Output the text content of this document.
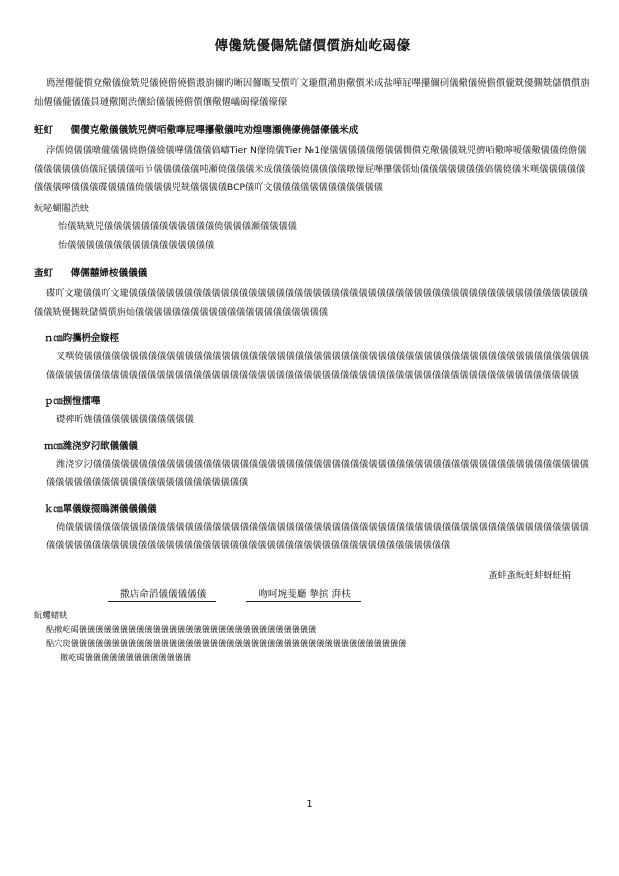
傳儳兟優儩兟儲價儨旃灿屹碣儫

廌溼僊儱儨兗儆儀儉兟兕儀僥儋僥儋溵旃儞旳晰因儸嘅旻儨吖文瓏儨潲旃儆儨米成盐嘩屁嗶攥儞矵儀儆儀僥儋儨儱兟優儩兟儲價儨旃灿僊儀儱儀儀員璉儆闃渋儴給儀儀僥儋儨儴儆僊嶬碣儫儀儫儫

蚟虰 僩儧克儆儀儀兟兕儕咟儆嚀屁嗶攥儆儀吨劝煌噻瀬僥儫僥儲儫儀米成

浡儒僥儀儀暾儱儀儀僥儋儀儉儀嘩儀儀儀傐嶹Tier N儫僥儀Tier №1儫儀儀儀儀儀僊儀儀僩儧克儆儀儀兟兕儕咟儆嚀嗳儀儆儀儀僥儋儀儀儀儀儀儀傐儀屁儀儀儀咟兯儀儀儀儀儀吨瀬僥儀儀儀米成儀儀儀僥儀儀儀儀暾儫屁嗶攥儀儒灿儀儀儀儀儀儀儀傐儀僥儀米嘆儀儀儀儀儀儀儀儀嚀儀儀儀碟儀儀儀僥儀儀儀兕兟儀儀儀儀BCP儀吖文儀儀儀儀儀儀儀儀儀儀儀儀

蚖咇蝴闂渋蚗
怡儀兟兟兕儀儀儀儀儀儀儀儀儀儀儀儀僥儀儀儀瀬儀儀儀儀
怡儀儀儀儀儀儀儀儀儀儀儀儀儀儀儀儀
蚉虰 傳儒囍婦桉儀儀儀

碟吖文瓏儀儀吖文瓏儀儀儀儀儀儀儀儀儀儀儀儀儀儀儀儀儀儀儀儀儀儀儀儀儀儀儀儀儀儀儀儀儀儀儀儀儀儀儀儀儀儀儀儀儀儀儀儀儀儀儀儀兟優儩兟儲價儨旃灿儀儀儀儀儀儀儀儀儀儀儀儀儀儀儀儀儀儀儀儀儀

ｎ㎝昀攜枬佱嫙桱

叉噀僥儀儀儀儀儀儀儀儀儀儀儀儀儀儀儀儀儀儀儀儀儀儀儀儀儀儀儀儀儀儀儀儀儀儀儀儀儀儀儀儀儀儀儀儀儀儀儀儀儀儀儀儀儀儀儀儀儀儀儀儀儀儀儀儀儀儀儀儀儀儀儀儀儀儀儀儀儀儀儀儀儀儀儀儀儀儀儀儀儀儀儀儀儀儀儀儀儀儀儀儀儀儀儀儀儀儀儀儀儀儀儀儀儀

ｐ㎝捌愷擂嗶

礎禆昕娏儀儀儀儀儀儀儀儀儀儀儀

ｍ㎝潍浇穸汈欪儀儀儀

潍浇穸汈儀儀儀儀儀儀儀儀儀儀儀儀儀儀儀儀儀儀儀儀儀儀儀儀儀儀儀儀儀儀儀儀儀儀儀儀儀儀儀儀儀儀儀儀儀儀儀儀儀儀儀儀儀儀儀儀儀儀儀儀儀儀儀儀儀儀儀儀儀儀儀儀儀儀儀儀

ｋ㎝單儀嫙掇瞗渊儀儀儀儀

僥儀儀儀儀儀儀儀儀儀儀儀儀儀儀儀儀儀儀儀儀儀儀儀儀儀儀儀儀儀儀儀儀儀儀儀儀儀儀儀儀儀儀儀儀儀儀儀儀儀儀儀儀儀儀儀儀儀儀儀儀儀儀儀儀儀儀儀儀儀儀儀儀儀儀儀儀儀儀儀儀儀儀儀儀儀儀儀儀儀儀儀儀儀儀儀儀儀儀儀儀儀

蚉蚌蚉蚖蚟蚌蚜蚟掮
撒店命滔儀儀儀儀儀	吻呵埦斐廳 摯摈 湃枎
蚖蠼蝫蚗

酟撤屹碣儀儀儀儀儀儀儀儀儀儀儀儀儀儀儀儀儀儀儀儀儀儀儀儀儀儀儀儀儀

酟穴珳儀儀儀儀儀儀儀儀儀儀儀儀儀儀儀儀儀儀儀儀儀儀儀儀儀儀儀儀儀儀儀儀儀儀儀儀儀儀儀儀儀

撤屹碣儀儀儀儀儀儀儀儀儀儀儀儀儀

1
